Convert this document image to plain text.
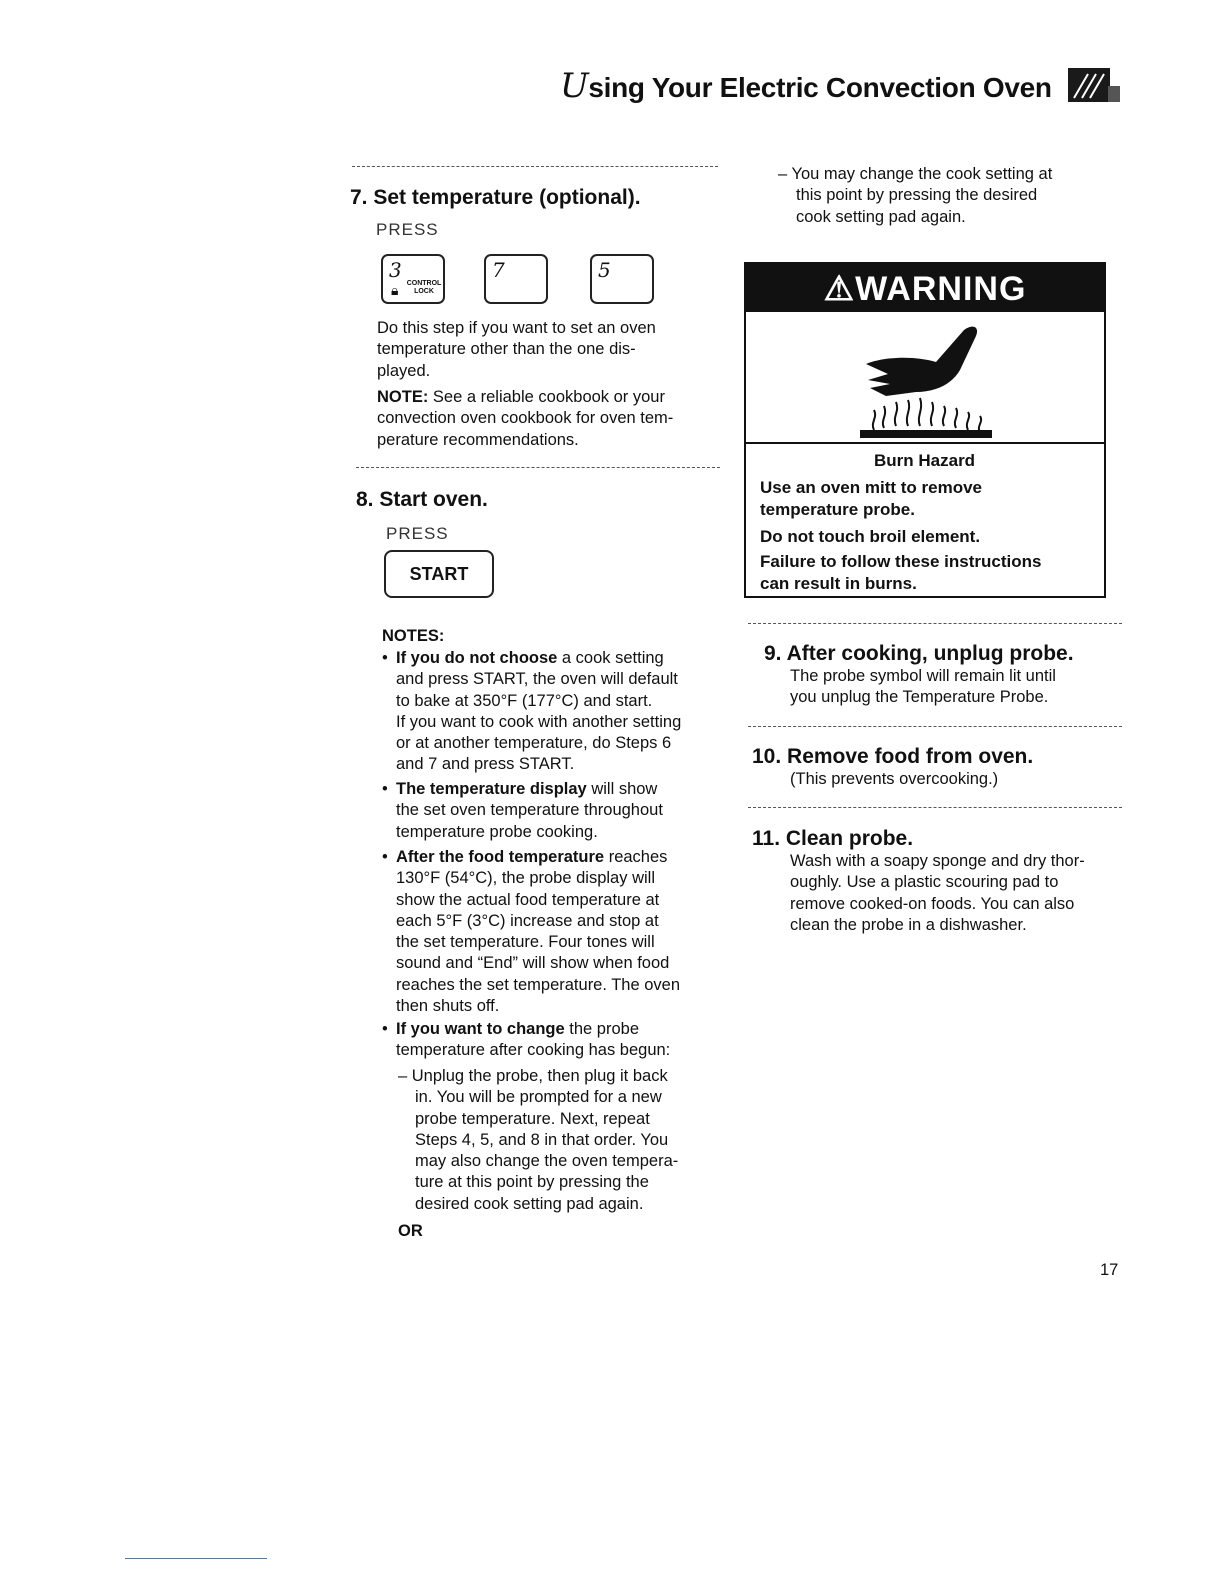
Using Your Electric Convection Oven
7. Set temperature (optional).
PRESS
3
🔒︎ CONTROL LOCK
7	5
Do this step if you want to set an oven
temperature other than the one dis-
played.
NOTE: See a reliable cookbook or your
convection oven cookbook for oven tem-
perature recommendations.
8. Start oven.
PRESS
START
NOTES:
• If you do not choose a cook setting
and press START, the oven will default
to bake at 350°F (177°C) and start.
If you want to cook with another setting
or at another temperature, do Steps 6
and 7 and press START.
• The temperature display will show
the set oven temperature throughout
temperature probe cooking.
• After the food temperature reaches
130°F (54°C), the probe display will
show the actual food temperature at
each 5°F (3°C) increase and stop at
the set temperature. Four tones will
sound and “End” will show when food
reaches the set temperature. The oven
then shuts off.
• If you want to change the probe
temperature after cooking has begun:
– Unplug the probe, then plug it back
in. You will be prompted for a new
probe temperature. Next, repeat
Steps 4, 5, and 8 in that order. You
may also change the oven tempera-
ture at this point by pressing the
desired cook setting pad again.
OR
– You may change the cook setting at
this point by pressing the desired
cook setting pad again.
⚠︎WARNING
Burn Hazard
Use an oven mitt to remove
temperature probe.
Do not touch broil element.
Failure to follow these instructions
can result in burns.
9. After cooking, unplug probe.
The probe symbol will remain lit until
you unplug the Temperature Probe.
10. Remove food from oven.
(This prevents overcooking.)
11. Clean probe.
Wash with a soapy sponge and dry thor-
oughly. Use a plastic scouring pad to
remove cooked-on foods. You can also
clean the probe in a dishwasher.
17
